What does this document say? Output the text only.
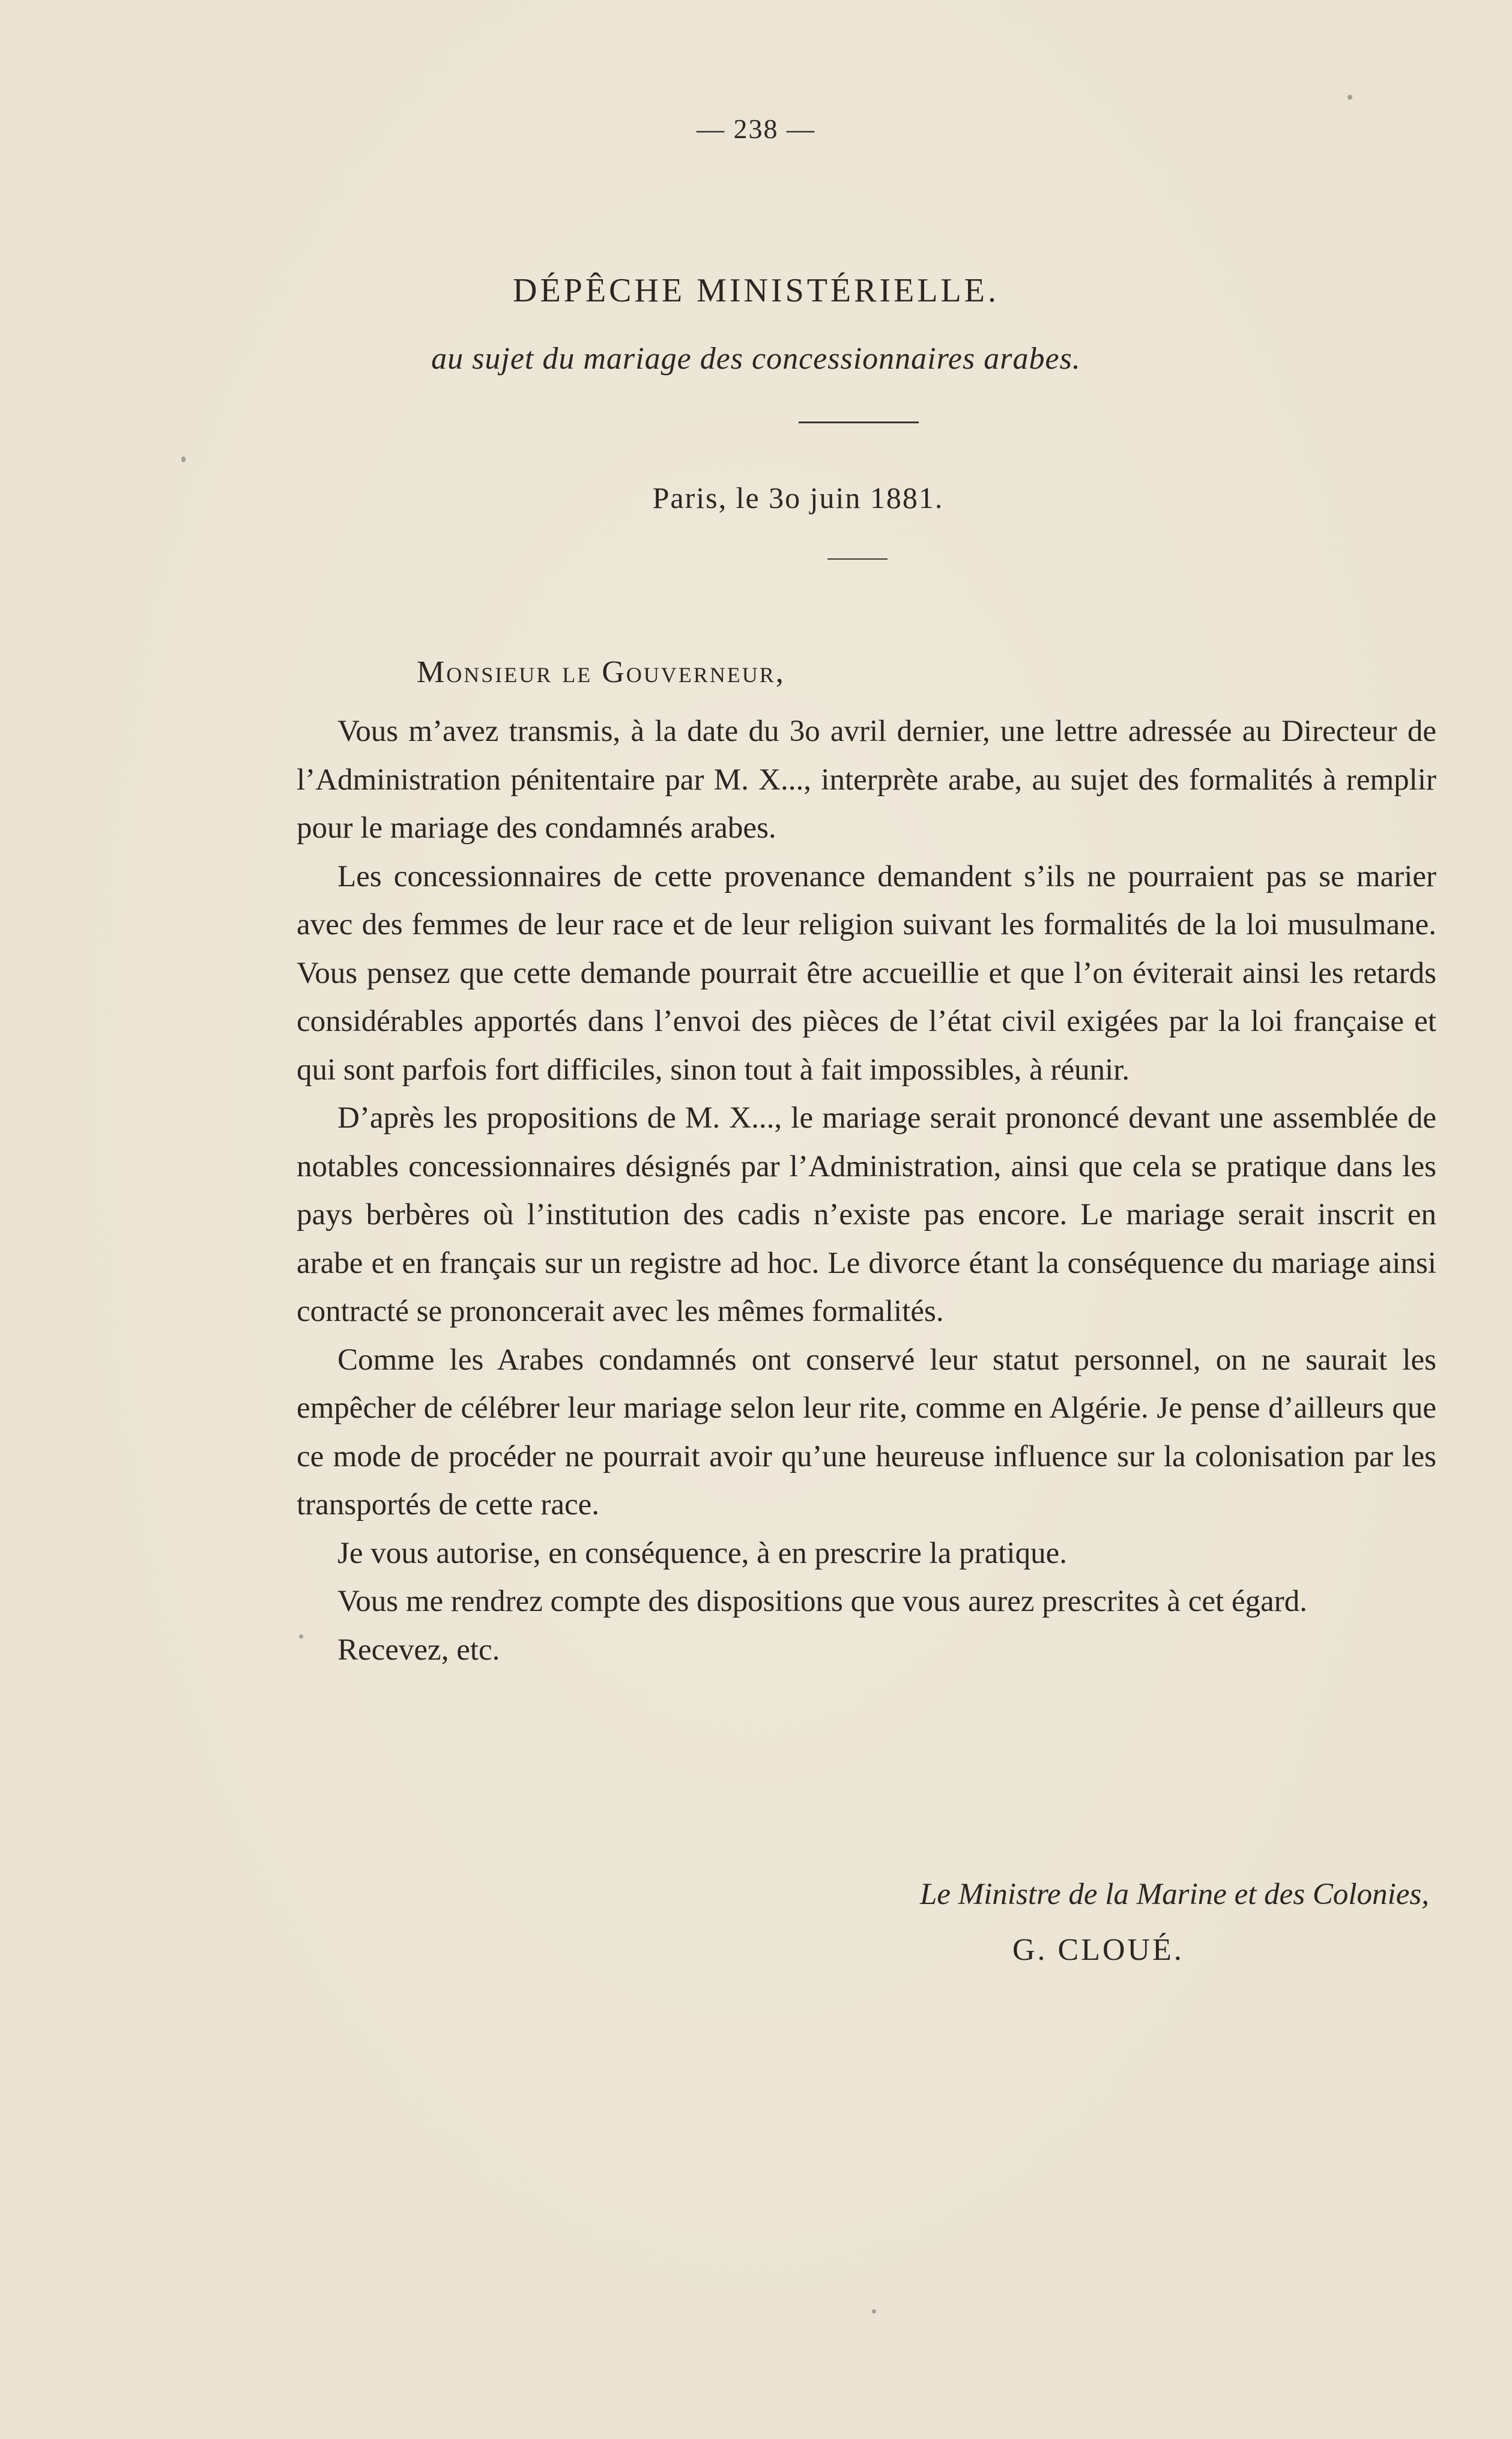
— 238 —
DÉPÊCHE MINISTÉRIELLE.
au sujet du mariage des concessionnaires arabes.
Paris, le 3o juin 1881.
Monsieur le Gouverneur,

Vous m’avez transmis, à la date du 3o avril dernier, une lettre adressée au Directeur de l’Administration pénitentaire par M. X..., interprète arabe, au sujet des formalités à remplir pour le mariage des condamnés arabes.

Les concessionnaires de cette provenance demandent s’ils ne pourraient pas se marier avec des femmes de leur race et de leur religion suivant les formalités de la loi musulmane. Vous pensez que cette demande pourrait être accueillie et que l’on éviterait ainsi les retards considérables apportés dans l’envoi des pièces de l’état civil exigées par la loi française et qui sont parfois fort difficiles, sinon tout à fait impossibles, à réunir.

D’après les propositions de M. X..., le mariage serait prononcé devant une assemblée de notables concessionnaires désignés par l’Administration, ainsi que cela se pratique dans les pays berbères où l’institution des cadis n’existe pas encore. Le mariage serait inscrit en arabe et en français sur un registre ad hoc. Le divorce étant la conséquence du mariage ainsi contracté se prononcerait avec les mêmes formalités.

Comme les Arabes condamnés ont conservé leur statut personnel, on ne saurait les empêcher de célébrer leur mariage selon leur rite, comme en Algérie. Je pense d’ailleurs que ce mode de procéder ne pourrait avoir qu’une heureuse influence sur la colonisation par les transportés de cette race.

Je vous autorise, en conséquence, à en prescrire la pratique.

Vous me rendrez compte des dispositions que vous aurez prescrites à cet égard.

Recevez, etc.

Le Ministre de la Marine et des Colonies,
G. CLOUÉ.
